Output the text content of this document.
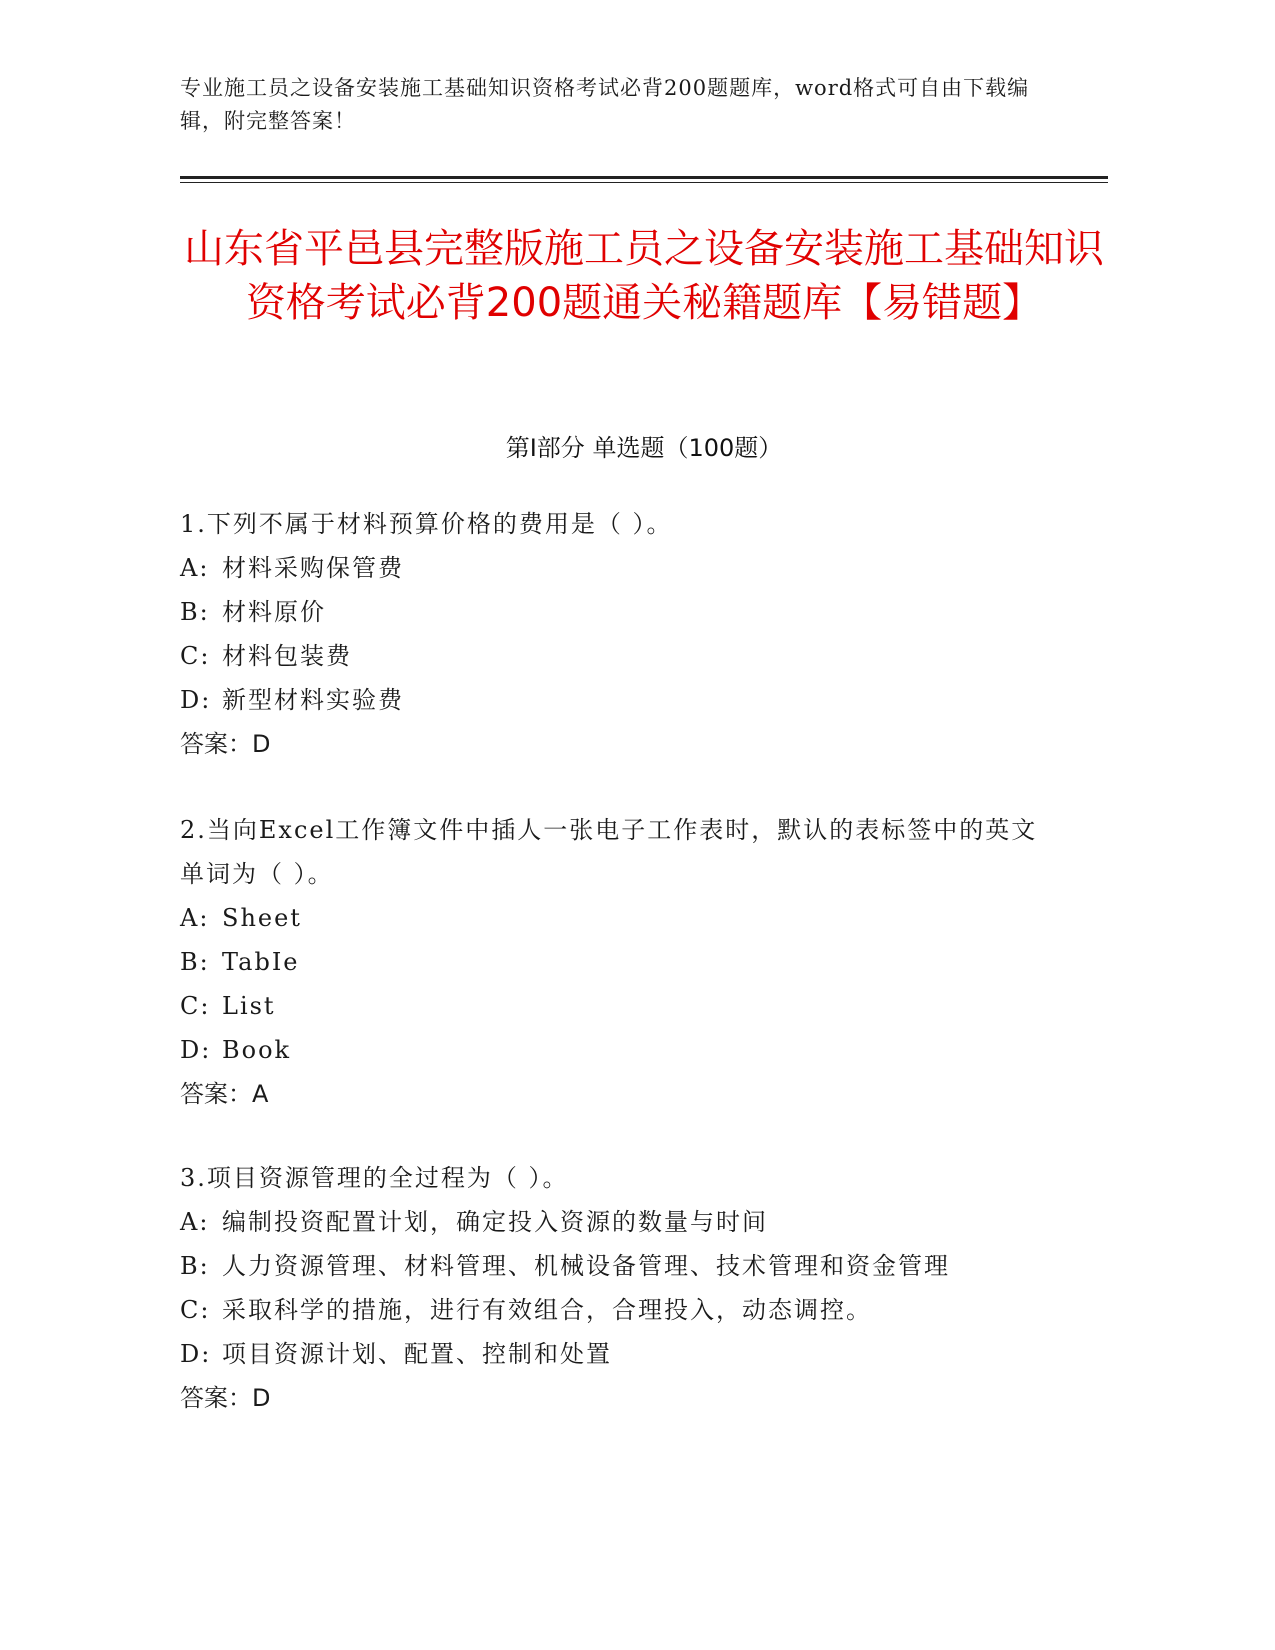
专业施工员之设备安装施工基础知识资格考试必背200题题库，word格式可自由下载编辑，附完整答案！
山东省平邑县完整版施工员之设备安装施工基础知识资格考试必背200题通关秘籍题库【易错题】
第Ⅰ部分 单选题（100题）
1.下列不属于材料预算价格的费用是（ ）。
A: 材料采购保管费
B: 材料原价
C: 材料包装费
D: 新型材料实验费
答案：D
2.当向Excel工作簿文件中插人一张电子工作表时，默认的表标签中的英文单词为（ ）。
A: Sheet
B: TabIe
C: List
D: Book
答案：A
3.项目资源管理的全过程为（ ）。
A: 编制投资配置计划，确定投入资源的数量与时间
B: 人力资源管理、材料管理、机械设备管理、技术管理和资金管理
C: 采取科学的措施，进行有效组合，合理投入，动态调控。
D: 项目资源计划、配置、控制和处置
答案：D
